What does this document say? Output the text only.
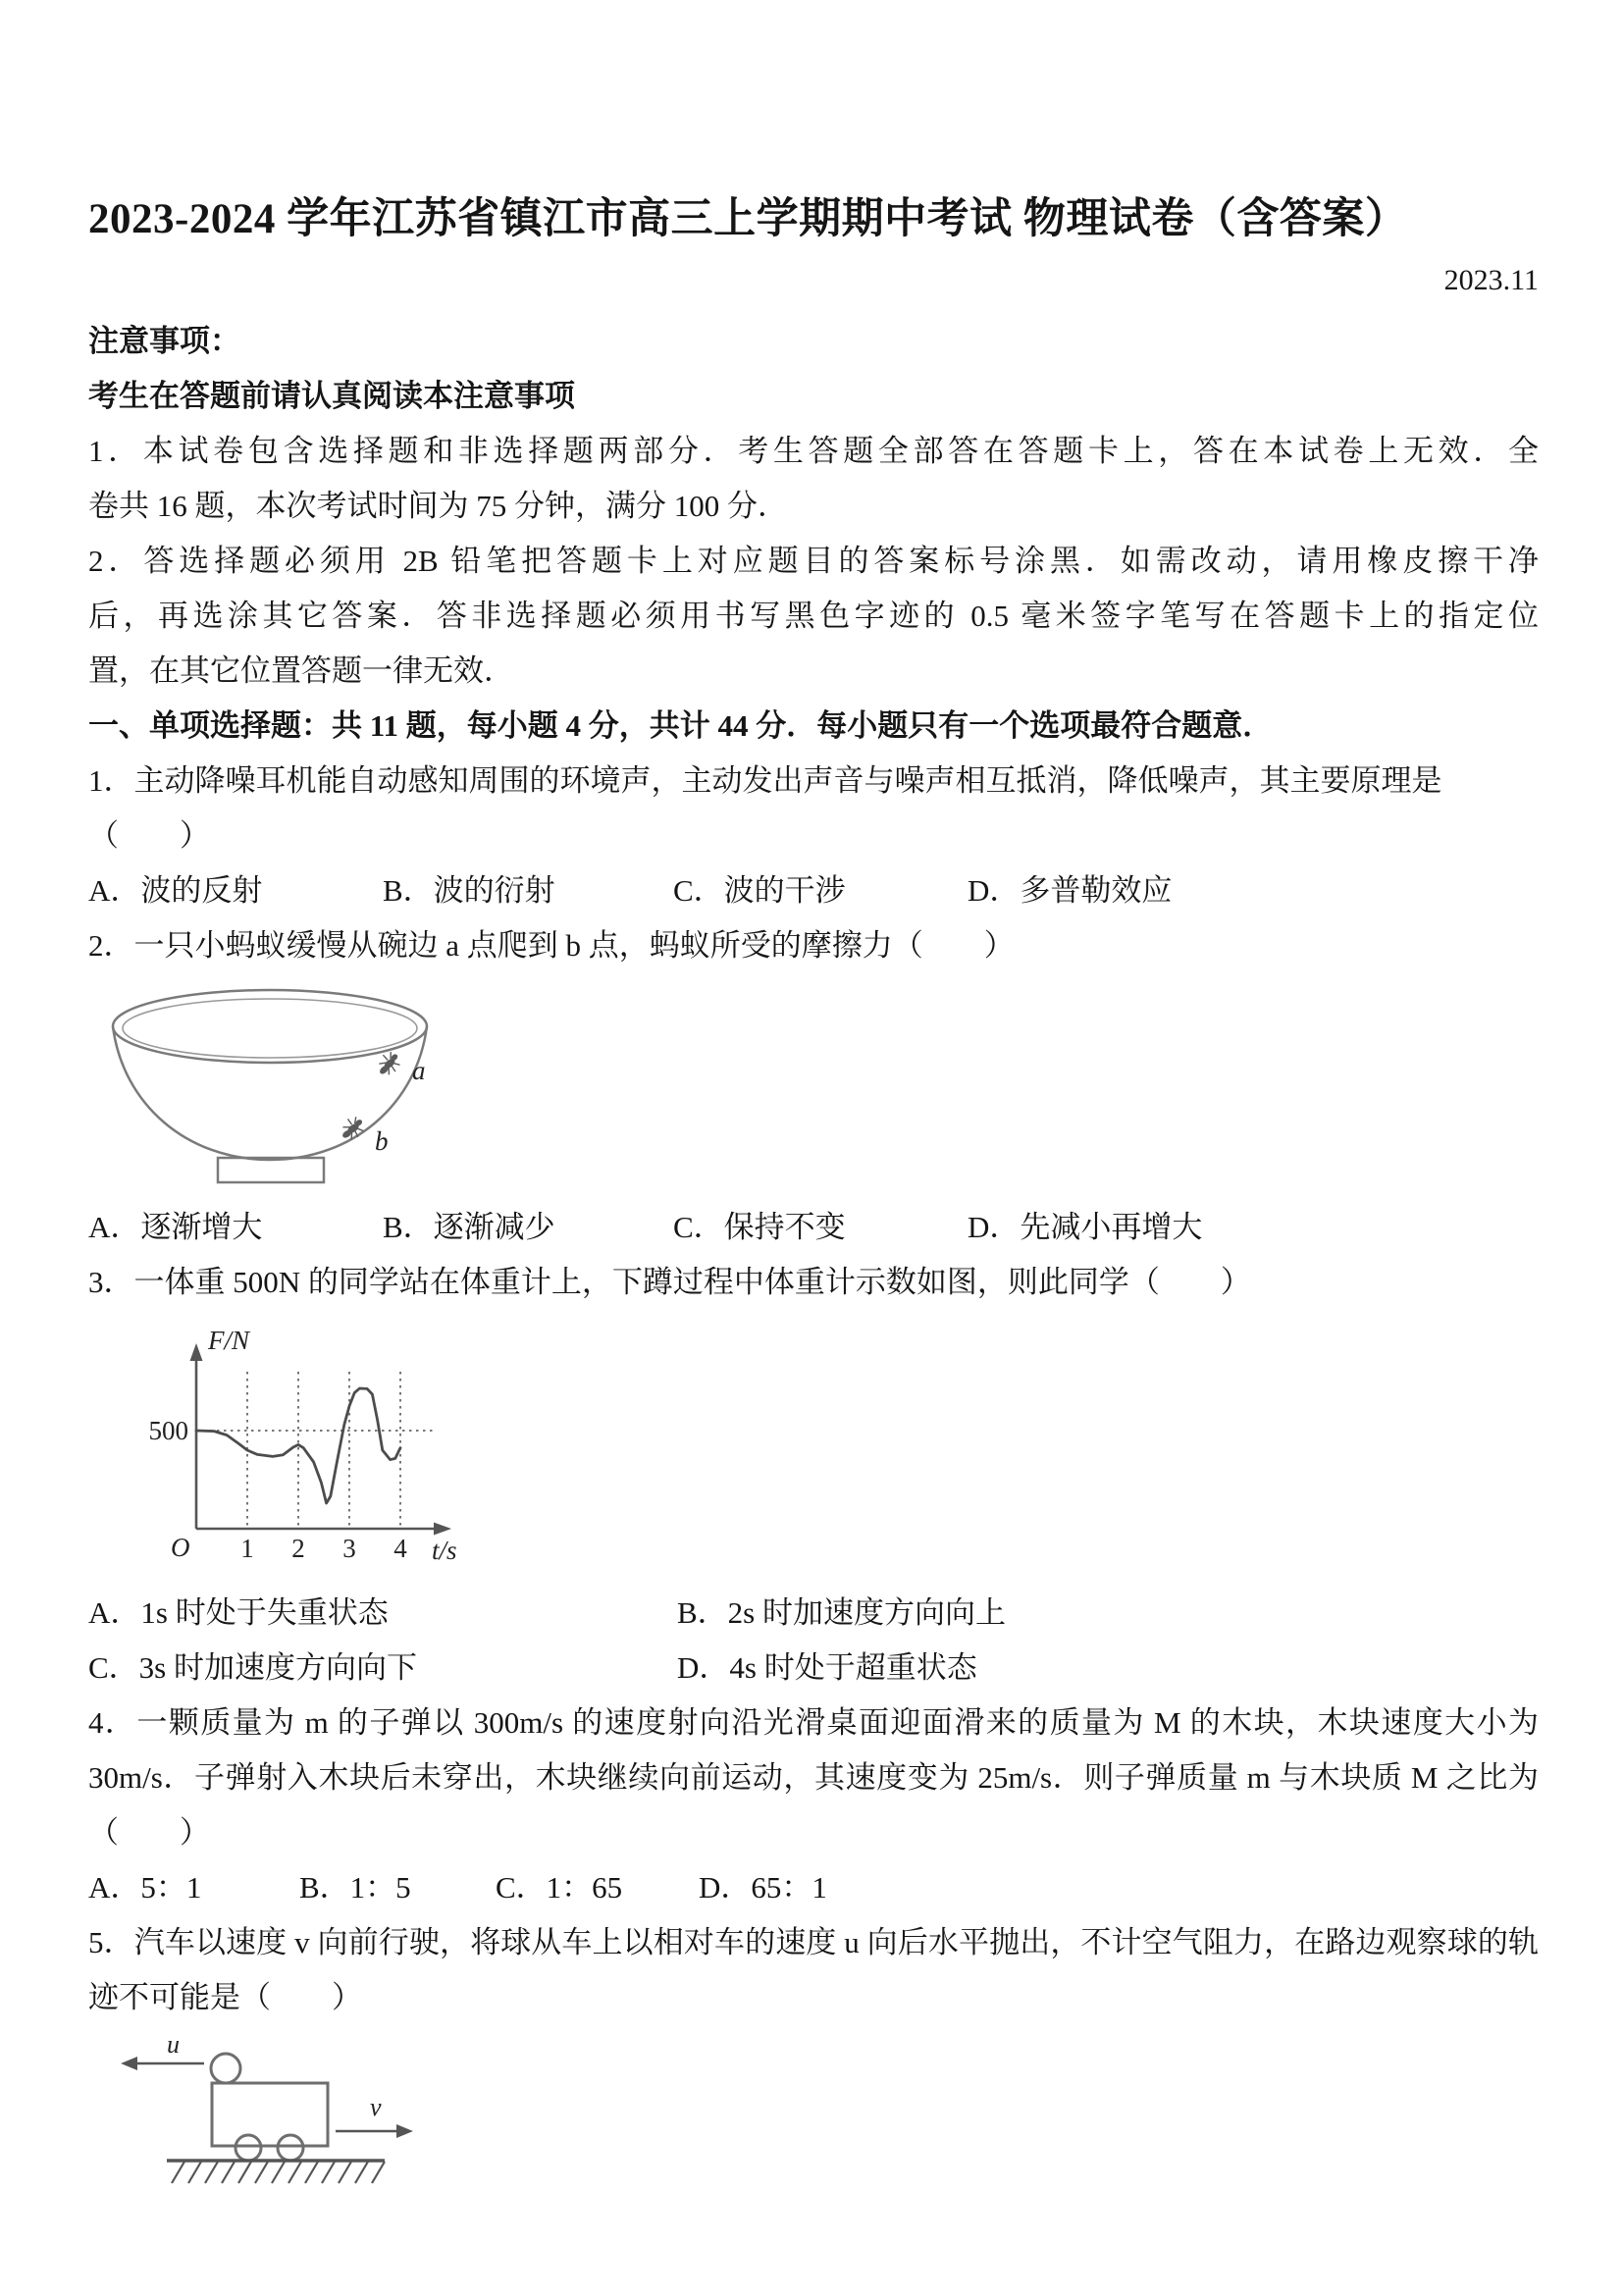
2023-2024 学年江苏省镇江市高三上学期期中考试 物理试卷（含答案）

2023.11

注意事项：

考生在答题前请认真阅读本注意事项

1．本试卷包含选择题和非选择题两部分．考生答题全部答在答题卡上，答在本试卷上无效．全

卷共 16 题，本次考试时间为 75 分钟，满分 100 分．

2．答选择题必须用 2B 铅笔把答题卡上对应题目的答案标号涂黑．如需改动，请用橡皮擦干净

后，再选涂其它答案．答非选择题必须用书写黑色字迹的 0.5 毫米签字笔写在答题卡上的指定位

置，在其它位置答题一律无效．

一、单项选择题：共 11 题，每小题 4 分，共计 44 分．每小题只有一个选项最符合题意．

1．主动降噪耳机能自动感知周围的环境声，主动发出声音与噪声相互抵消，降低噪声，其主要原理是

（　　）

A．波的反射	B．波的衍射	C．波的干涉	D．多普勒效应

2．一只小蚂蚁缓慢从碗边 a 点爬到 b 点，蚂蚁所受的摩擦力（　　）

a
b
A．逐渐增大	B．逐渐减少	C．保持不变	D．先减小再增大

3．一体重 500N 的同学站在体重计上，下蹲过程中体重计示数如图，则此同学（　　）

F/N
t/s
500
O 1 2 3 4
A．1s 时处于失重状态	B．2s 时加速度方向向上
C．3s 时加速度方向向下	D．4s 时处于超重状态

4．一颗质量为 m 的子弹以 300m/s 的速度射向沿光滑桌面迎面滑来的质量为 M 的木块，木块速度大小为

30m/s．子弹射入木块后未穿出，木块继续向前运动，其速度变为 25m/s．则子弹质量 m 与木块质 M 之比为

（　　）

A．5：1	B．1：5	C．1：65	D．65：1

5．汽车以速度 v 向前行驶，将球从车上以相对车的速度 u 向后水平抛出，不计空气阻力，在路边观察球的轨

迹不可能是（　　）

u
v
